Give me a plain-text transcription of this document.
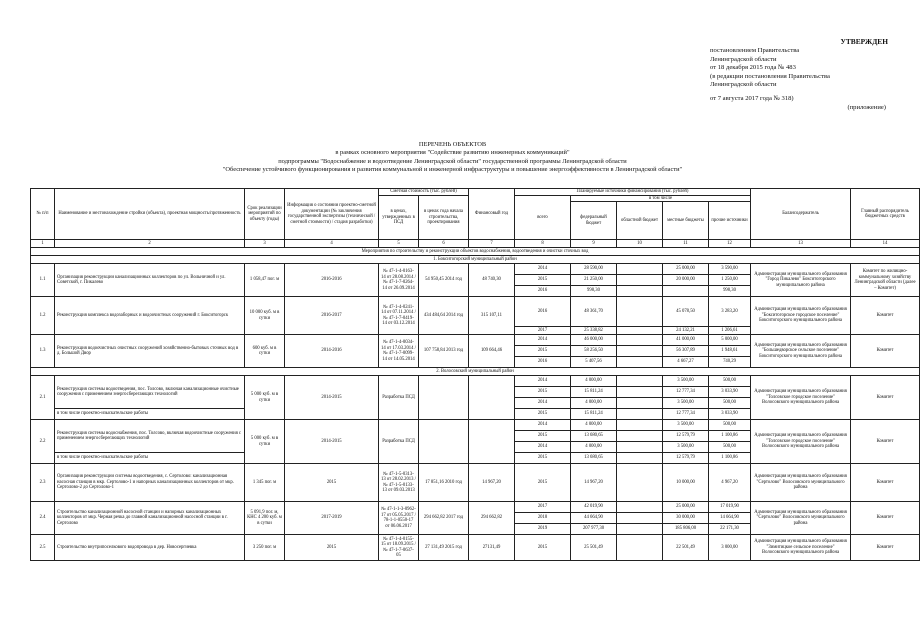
УТВЕРЖДЕН
постановлением Правительства
Ленинградской области
от 18 декабря 2015 года № 483
(в редакции постановления Правительства
Ленинградской области
от 7 августа 2017 года № 318)
(приложение)
ПЕРЕЧЕНЬ ОБЪЕКТОВ
в рамках основного мероприятия "Содействие развитию инженерных коммуникаций"
подпрограммы "Водоснабжение и водоотведение Ленинградской области" государственной программы Ленинградской области
"Обеспечение устойчивого функционирования и развития коммунальной и инженерной инфраструктуры и повышение энергоэффективности в Ленинградской области"
№ п/п	Наименование и местонахождение стройки (объекта), проектная мощность/протяженность	Срок реализации мероприятий по объекту (годы)	Информация о состоянии проектно-сметной документации (№ заключения государственной экспертизы (технической / сметной стоимости) / стадия разработки)	Сметная стоимость (тыс. рублей)		Финансовый год	Планируемые источники финансирования (тыс. рублей)					Балансодержатель	Главный распорядитель бюджетных средств
				в ценах, утвержденных в ПСД	в ценах года начала строительства, проектирования		всего	в том числе					
								федеральный бюджет	областной бюджет	местные бюджеты	прочие источники		
1	2	3	4	5	6	7	8	9	10	11	12	13	14
Мероприятия по строительству и реконструкции объектов водоснабжения, водоотведения и очистки сточных вод													
1. Бокситогорский муниципальный район													
1.1	Организация реконструкции канализационных коллекторов по ул. Вольничной и ул. Советской, г. Пикалево	1 058,47 пог. м	2016-2016	№ 47-1-4-0163-14 от 28.08.2014 / № 47-1-7-0264-14 от 26.09.2014	54 950,45 2014 год	48 740,30	2014	28 590,00		25 000,00	3 590,00	Администрация муниципального образования "Город Пикалево" Бокситогорского муниципального района	Комитет по жилищно-коммунальному хозяйству Ленинградской области (далее – Комитет)
							2015	21 250,00		20 000,00	1 250,00		
							2016	998,30			998,30		
1.2	Реконструкция комплекса водозаборных и водоочистных сооружений г. Бокситогорск	10 000 куб. м в сутки	2016-2017	№ 47-1-4-0241-14 от 07.11.2014 / № 47-1-7-0419-14 от 03.12.2014	434 484,64 2014 год	315 107,11	2016	48 361,70		45 078,50	3 283,20	Администрация муниципального образования "Бокситогорское городское поселение" Бокситогорского муниципального района	Комитет
							2017	25 338,82		24 132,21	1 206,61		
1.3	Реконструкция водоочистных очистных сооружений хозяйственно-бытовых сточных вод в д. Большой Двор	600 куб. м в сутки	2014-2016	№ 47-1-4-0034-14 от 17.03.2014 / № 47-1-7-0099-14 от 14.05.2014	107 758,84 2013 год	109 664,46	2014	46 000,00		41 000,00	5 000,00	Администрация муниципального образования "Большедворское сельское поселение" Бокситогорского муниципального района	Комитет
							2015	58 256,50		56 307,89	1 948,61		
							2016	5 407,56		4 667,27	740,29		
2. Волосовский муниципальный район													
2.1	Реконструкция системы водоотведения, пос. Толсово, включая канализационные очистные сооружения с применением энергосберегающих технологий	5 000 куб. м в сутки	2014-2015	Разработка ПСД			2014	4 000,00		3 500,00	500,00	Администрация муниципального образования "Толсовское городское поселение" Волосовского муниципального района	Комитет
							2015	15 811,24		12 777,34	3 033,90		
							2014	4 000,00		3 500,00	500,00		
	в том числе проектно-изыскательские работы						2015	15 811,24		12 777,34	3 033,90		
2.2	Реконструкция системы водоснабжения, пос. Толсово, включая водоочистные сооружения с применением энергосберегающих технологий	5 000 куб. м в сутки	2014-2015	Разработка ПСД			2014	4 000,00		3 500,00	500,00	Администрация муниципального образования "Толсовское городское поселение" Волосовского муниципального района	Комитет
							2015	13 680,65		12 579,79	1 100,86		
							2014	4 000,00		3 500,00	500,00		
	в том числе проектно-изыскательские работы						2015	13 680,65		12 579,79	1 100,86		
2.3	Организация реконструкции системы водоотведения, с. Сертолово: канализационная насосная станция в мкр. Сертолово-1 и напорных канализационных коллекторов от мкр. Сертолово-2 до Сертолово-1	1 345 пог. м	2015	№ 47-1-5-0313-13 от 28.02.2013 / № 47-1-5-0133-13 от 09.03.2013	17 851,16 2010 год	14 967,20	2015	14 967,20		10 000,00	4 967,20	Администрация муниципального образования "Сертолово" Волосовского муниципального района	Комитет
2.4	Строительство канализационной насосной станции и напорных канализационных коллекторов от мкр. Черная речка до главной канализационной насосной станции в г. Сертолово	5 091,9 пог. м, КНС 4 200 куб. м в сутки	2017-2019	№ 47-1-1-3-0962-17 от 05.05.2017 / 78-1-1-0550-17 от 06.06.2017	294 662,82 2017 год	294 662,82	2017	42 019,90		25 000,00	17 019,90	Администрация муниципального образования "Сертолово" Волосовского муниципального района	Комитет
							2018	44 664,90		30 000,00	14 664,90		
							2019	207 977,30		185 806,00	22 171,30		
2.5	Строительство внутрипоселкового водопровода в дер. Новосергиевка	3 250 пог. м	2015	№ 47-1-4-0155-15 от 18.09.2015 / № 47-1-7-0637-05	27 131,49 2015 год	27131,49	2015	25 501,49		22 501,49	3 000,00	Администрация муниципального образования "Зимитицкое сельское поселение" Волосовского муниципального района	Комитет
